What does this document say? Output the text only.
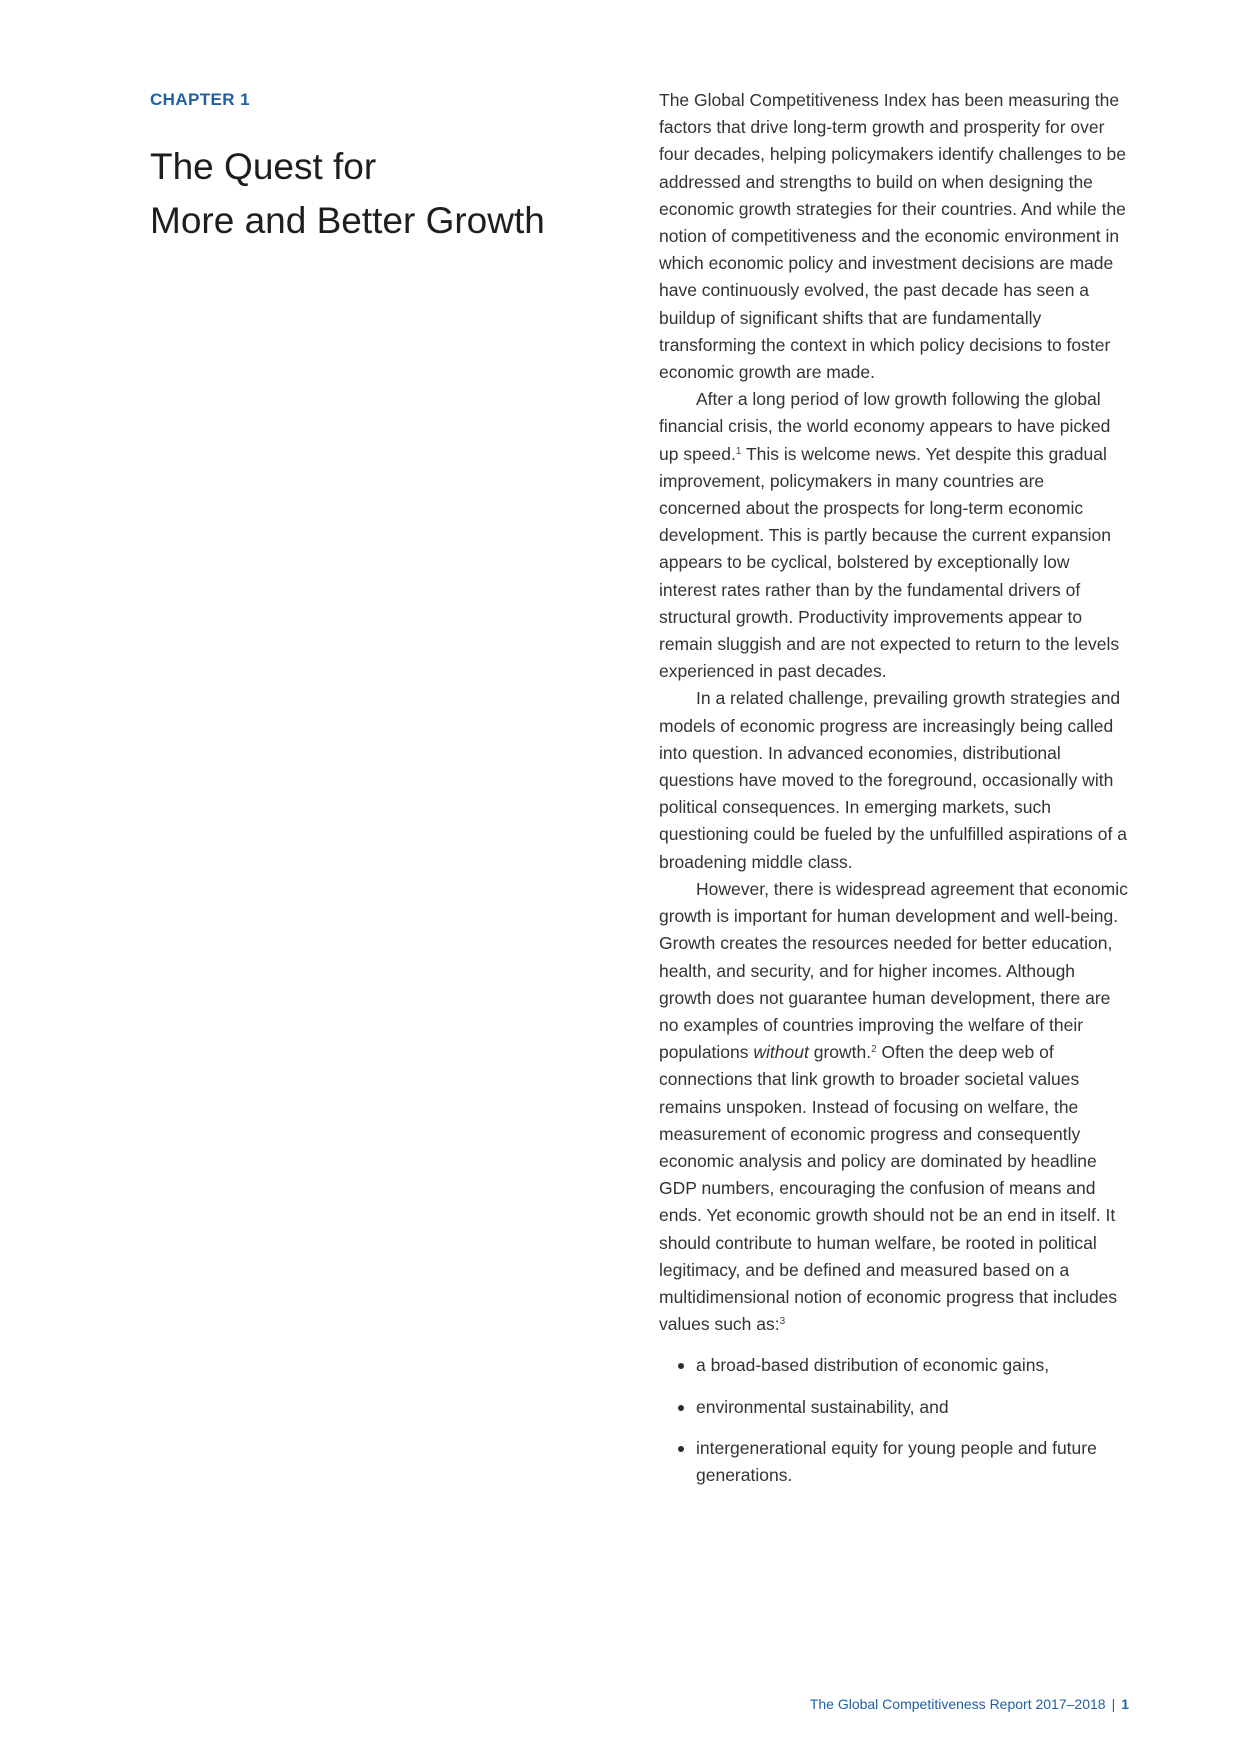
CHAPTER 1

The Quest for
More and Better Growth

The Global Competitiveness Index has been measuring the factors that drive long-term growth and prosperity for over four decades, helping policymakers identify challenges to be addressed and strengths to build on when designing the economic growth strategies for their countries. And while the notion of competitiveness and the economic environment in which economic policy and investment decisions are made have continuously evolved, the past decade has seen a buildup of significant shifts that are fundamentally transforming the context in which policy decisions to foster economic growth are made.

After a long period of low growth following the global financial crisis, the world economy appears to have picked up speed.$^1$ This is welcome news. Yet despite this gradual improvement, policymakers in many countries are concerned about the prospects for long-term economic development. This is partly because the current expansion appears to be cyclical, bolstered by exceptionally low interest rates rather than by the fundamental drivers of structural growth. Productivity improvements appear to remain sluggish and are not expected to return to the levels experienced in past decades.

In a related challenge, prevailing growth strategies and models of economic progress are increasingly being called into question. In advanced economies, distributional questions have moved to the foreground, occasionally with political consequences. In emerging markets, such questioning could be fueled by the unfulfilled aspirations of a broadening middle class.

However, there is widespread agreement that economic growth is important for human development and well-being. Growth creates the resources needed for better education, health, and security, and for higher incomes. Although growth does not guarantee human development, there are no examples of countries improving the welfare of their populations without growth.$^2$ Often the deep web of connections that link growth to broader societal values remains unspoken. Instead of focusing on welfare, the measurement of economic progress and consequently economic analysis and policy are dominated by headline GDP numbers, encouraging the confusion of means and ends. Yet economic growth should not be an end in itself. It should contribute to human welfare, be rooted in political legitimacy, and be defined and measured based on a multidimensional notion of economic progress that includes values such as:$^3$

a broad-based distribution of economic gains,
environmental sustainability, and
intergenerational equity for young people and future generations.
The Global Competitiveness Report 2017–2018 | 1
